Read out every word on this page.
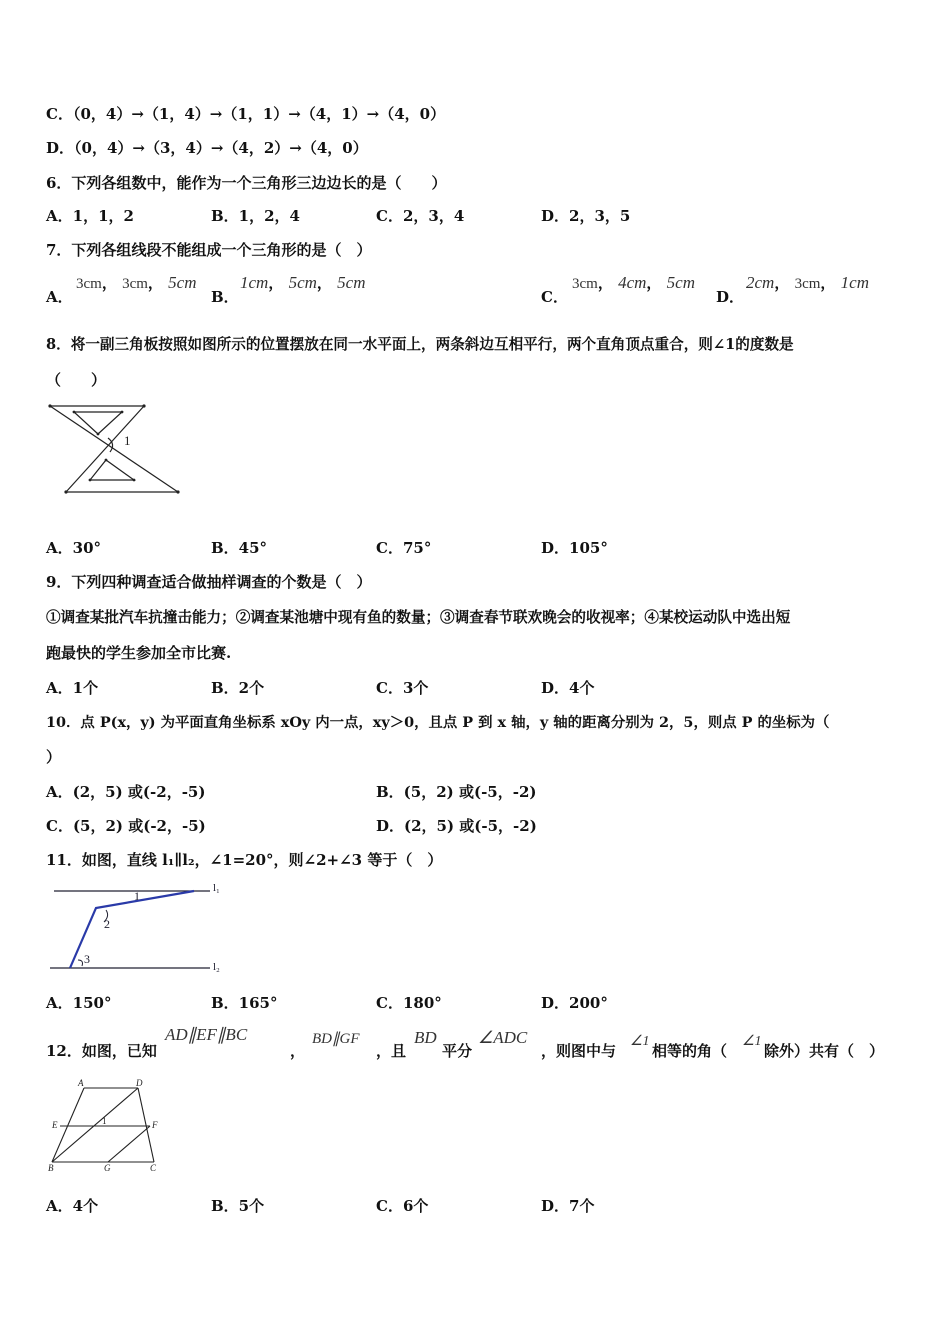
C．（0，4）→（1，4）→（1，1）→（4，1）→（4，0）
D．（0，4）→（3，4）→（4，2）→（4，0）
6．下列各组数中，能作为一个三角形三边边长的是（　　）
A．1，1，2	B．1，2，4	C．2，3，4	D．2，3，5
7．下列各组线段不能组成一个三角形的是（　）
A．
3cm， 3cm， 5cm
B．
1cm， 5cm， 5cm
C．
3cm， 4cm， 5cm
D．
2cm， 3cm， 1cm
8．将一副三角板按照如图所示的位置摆放在同一水平面上，两条斜边互相平行，两个直角顶点重合，则∠1的度数是
（　　）
1
A．30°	B．45°	C．75°	D．105°
9．下列四种调查适合做抽样调查的个数是（　）
①调查某批汽车抗撞击能力；②调查某池塘中现有鱼的数量；③调查春节联欢晚会的收视率；④某校运动队中选出短
跑最快的学生参加全市比赛.
A．1个	B．2个	C．3个	D．4个
10．点 P(x，y) 为平面直角坐标系 xOy 内一点，xy＞0，且点 P 到 x 轴，y 轴的距离分别为 2，5，则点 P 的坐标为（
）
A．(2，5) 或(-2，-5)	B．(5，2) 或(-5，-2)
C．(5，2) 或(-2，-5)	D．(2，5) 或(-5，-2)
11．如图，直线 l₁∥l₂，∠1=20°，则∠2+∠3 等于（　）
1
2
3
l₁
l₂
A．150°	B．165°	C．180°	D．200°
12．如图，已知
AD∥EF∥BC
，
BD∥GF
，且
BD
平分
∠ADC
，则图中与
∠1
相等的角（
∠1
除外）共有（　）
A	D
E	F
B	G	C
1
A．4个	B．5个	C．6个	D．7个
